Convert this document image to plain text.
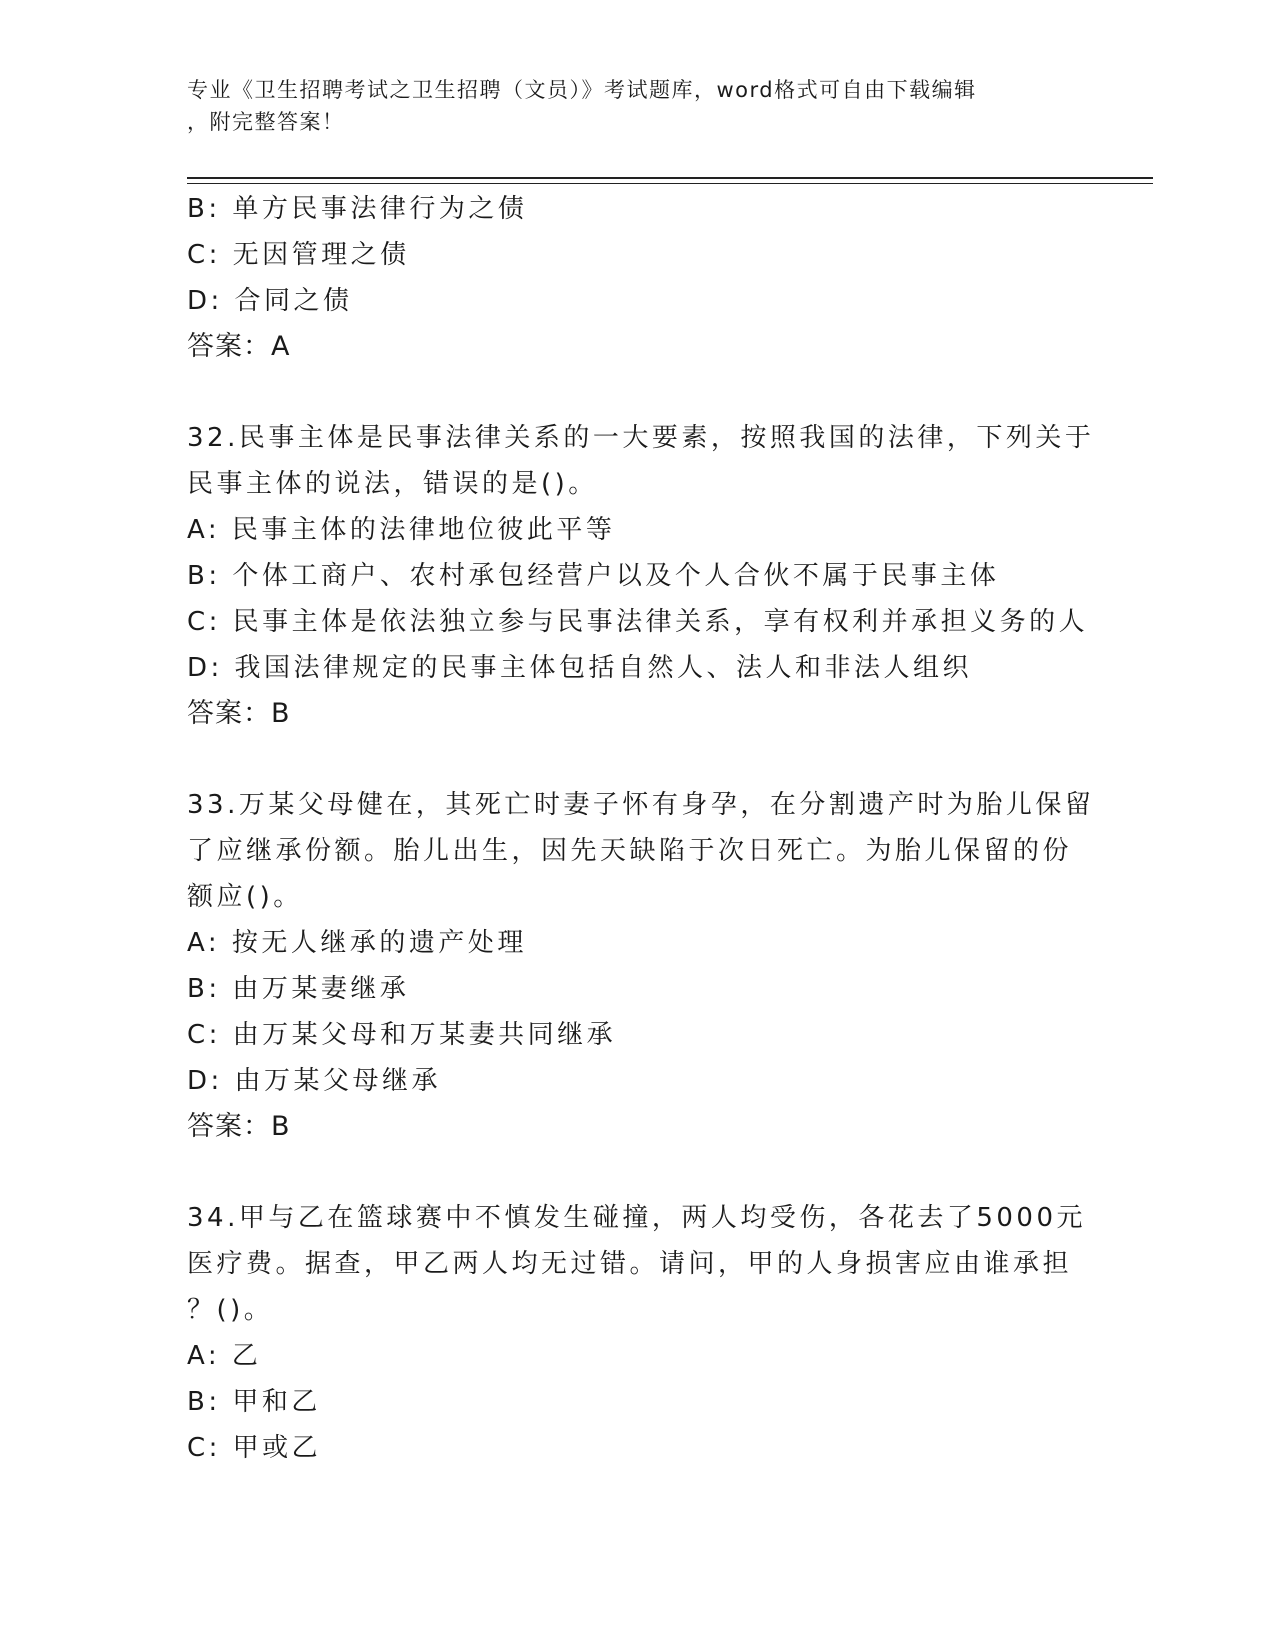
专业《卫生招聘考试之卫生招聘（文员）》考试题库，word格式可自由下载编辑
，附完整答案！
B: 单方民事法律行为之债
C: 无因管理之债
D: 合同之债
答案：A
32.民事主体是民事法律关系的一大要素，按照我国的法律，下列关于
民事主体的说法，错误的是()。
A: 民事主体的法律地位彼此平等
B: 个体工商户、农村承包经营户以及个人合伙不属于民事主体
C: 民事主体是依法独立参与民事法律关系，享有权利并承担义务的人
D: 我国法律规定的民事主体包括自然人、法人和非法人组织
答案：B
33.万某父母健在，其死亡时妻子怀有身孕，在分割遗产时为胎儿保留
了应继承份额。胎儿出生，因先天缺陷于次日死亡。为胎儿保留的份
额应()。
A: 按无人继承的遗产处理
B: 由万某妻继承
C: 由万某父母和万某妻共同继承
D: 由万某父母继承
答案：B
34.甲与乙在篮球赛中不慎发生碰撞，两人均受伤，各花去了5000元
医疗费。据查，甲乙两人均无过错。请问，甲的人身损害应由谁承担
？()。
A: 乙
B: 甲和乙
C: 甲或乙
